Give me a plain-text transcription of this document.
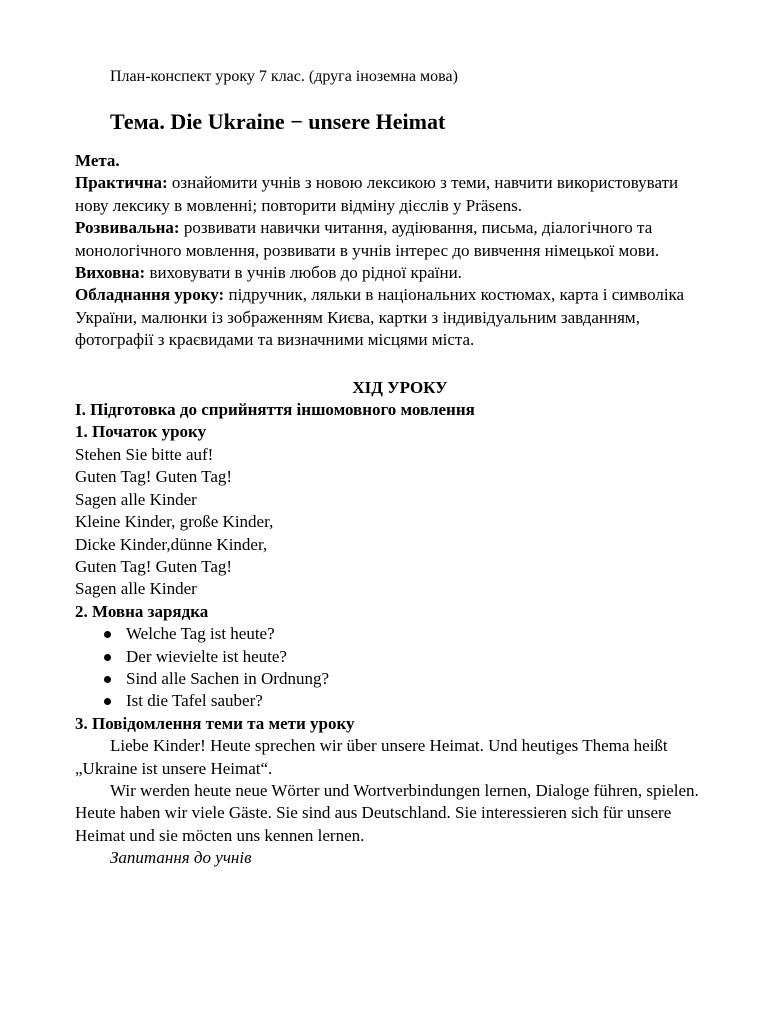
План-конспект уроку 7 клас. (друга іноземна мова)
Тема. Die Ukraine − unsere Heimat
Мета.
Практична: ознайомити учнів з новою лексикою з теми, навчити використовувати нову лексику в мовленні; повторити відміну дієслів у Präsens.
Розвивальна: розвивати навички читання, аудіювання, письма, діалогічного та монологічного мовлення, розвивати в учнів інтерес до вивчення німецької мови.
Виховна: виховувати в учнів любов до рідної країни.
Обладнання уроку: підручник, ляльки в національних костюмах, карта і символіка України, малюнки із зображенням Києва, картки з індивідуальним завданням, фотографії з краєвидами та визначними місцями міста.
ХІД УРОКУ
І. Підготовка до сприйняття іншомовного мовлення
1. Початок уроку
Stehen Sie bitte auf!
Guten Tag! Guten Tag!
Sagen alle Kinder
Kleine Kinder, große Kinder,
Dicke Kinder,dünne Kinder,
Guten Tag! Guten Tag!
Sagen alle Kinder
2. Мовна зарядка
Welche Tag ist heute?
Der wievielte ist heute?
Sind alle Sachen in Ordnung?
Ist die Tafel sauber?
3. Повідомлення теми та мети уроку
Liebe Kinder! Heute sprechen wir über unsere Heimat. Und heutiges Thema heißt „Ukraine ist unsere Heimat“.
Wir werden heute neue Wörter und Wortverbindungen lernen, Dialoge führen, spielen. Heute haben wir viele Gäste. Sie sind aus Deutschland. Sie interessieren sich für unsere Heimat und sie möcten uns kennen lernen.
Запитання до учнів
